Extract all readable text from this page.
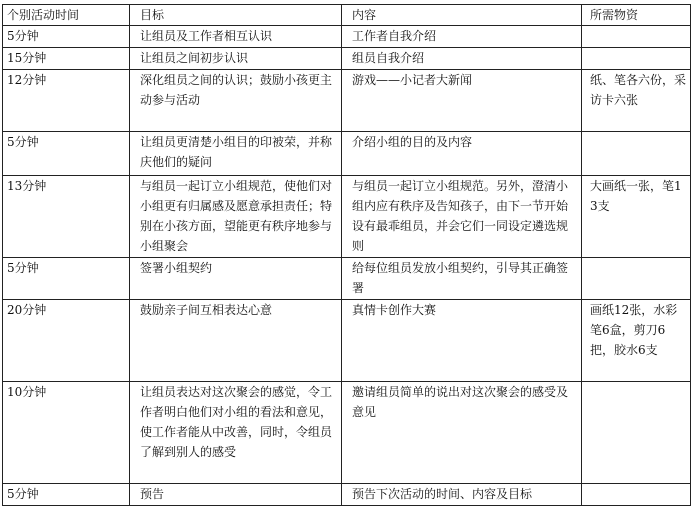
个别活动时间	目标	内容	所需物资
5分钟	让组员及工作者相互认识	工作者自我介绍	
15分钟	让组员之间初步认识	组员自我介绍	
12分钟	深化组员之间的认识；鼓励小孩更主动参与活动	游戏——小记者大新闻	纸、笔各六份，采访卡六张
5分钟	让组员更清楚小组目的印被荣，并称庆他们的疑问	介绍小组的目的及内容	
13分钟	与组员一起订立小组规范，使他们对小组更有归属感及愿意承担责任；特别在小孩方面，望能更有秩序地参与小组聚会	与组员一起订立小组规范。另外，澄清小组内应有秩序及告知孩子，由下一节开始设有最乖组员，并会它们一同设定遴选规则	大画纸一张，笔13支
5分钟	签署小组契约	给每位组员发放小组契约，引导其正确签署	
20分钟	鼓励亲子间互相表达心意	真情卡创作大赛	画纸12张，水彩笔6盒，剪刀6把，胶水6支
10分钟	让组员表达对这次聚会的感觉，令工作者明白他们对小组的看法和意见，使工作者能从中改善，同时，令组员了解到别人的感受	邀请组员简单的说出对这次聚会的感受及意见	
5分钟	预告	预告下次活动的时间、内容及目标	
